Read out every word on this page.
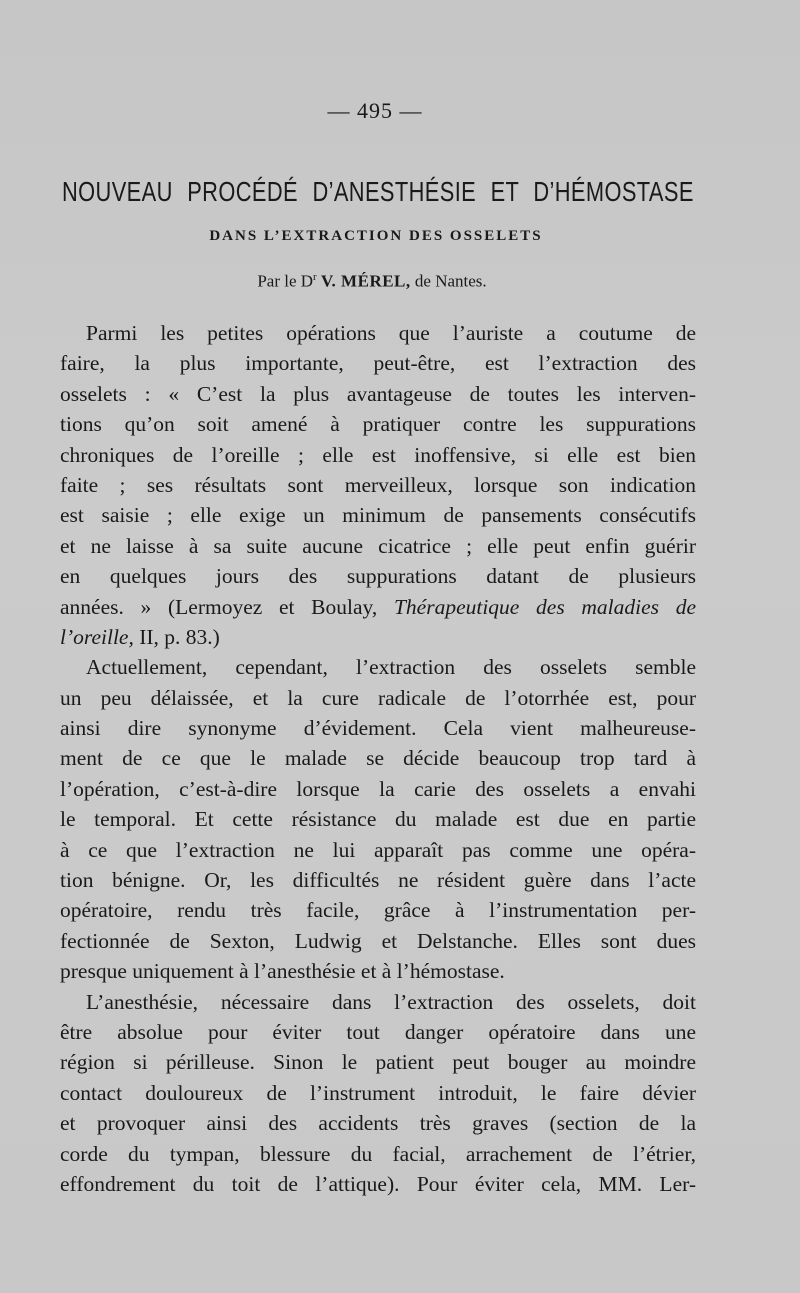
— 495 —
NOUVEAU PROCÉDÉ D’ANESTHÉSIE ET D’HÉMOSTASE
DANS L’EXTRACTION DES OSSELETS
Par le $D^r$ V. MÉREL, de Nantes.
Parmi les petites opérations que l’auriste a coutume de
faire, la plus importante, peut-être, est l’extraction des
osselets : « C’est la plus avantageuse de toutes les interven-
tions qu’on soit amené à pratiquer contre les suppurations
chroniques de l’oreille ; elle est inoffensive, si elle est bien
faite ; ses résultats sont merveilleux, lorsque son indication
est saisie ; elle exige un minimum de pansements consécutifs
et ne laisse à sa suite aucune cicatrice ; elle peut enfin guérir
en quelques jours des suppurations datant de plusieurs
années. » (Lermoyez et Boulay, Thérapeutique des maladies de
l’oreille, II, p. 83.)
Actuellement, cependant, l’extraction des osselets semble
un peu délaissée, et la cure radicale de l’otorrhée est, pour
ainsi dire synonyme d’évidement. Cela vient malheureuse-
ment de ce que le malade se décide beaucoup trop tard à
l’opération, c’est-à-dire lorsque la carie des osselets a envahi
le temporal. Et cette résistance du malade est due en partie
à ce que l’extraction ne lui apparaît pas comme une opéra-
tion bénigne. Or, les difficultés ne résident guère dans l’acte
opératoire, rendu très facile, grâce à l’instrumentation per-
fectionnée de Sexton, Ludwig et Delstanche. Elles sont dues
presque uniquement à l’anesthésie et à l’hémostase.
L’anesthésie, nécessaire dans l’extraction des osselets, doit
être absolue pour éviter tout danger opératoire dans une
région si périlleuse. Sinon le patient peut bouger au moindre
contact douloureux de l’instrument introduit, le faire dévier
et provoquer ainsi des accidents très graves (section de la
corde du tympan, blessure du facial, arrachement de l’étrier,
effondrement du toit de l’attique). Pour éviter cela, MM. Ler-
